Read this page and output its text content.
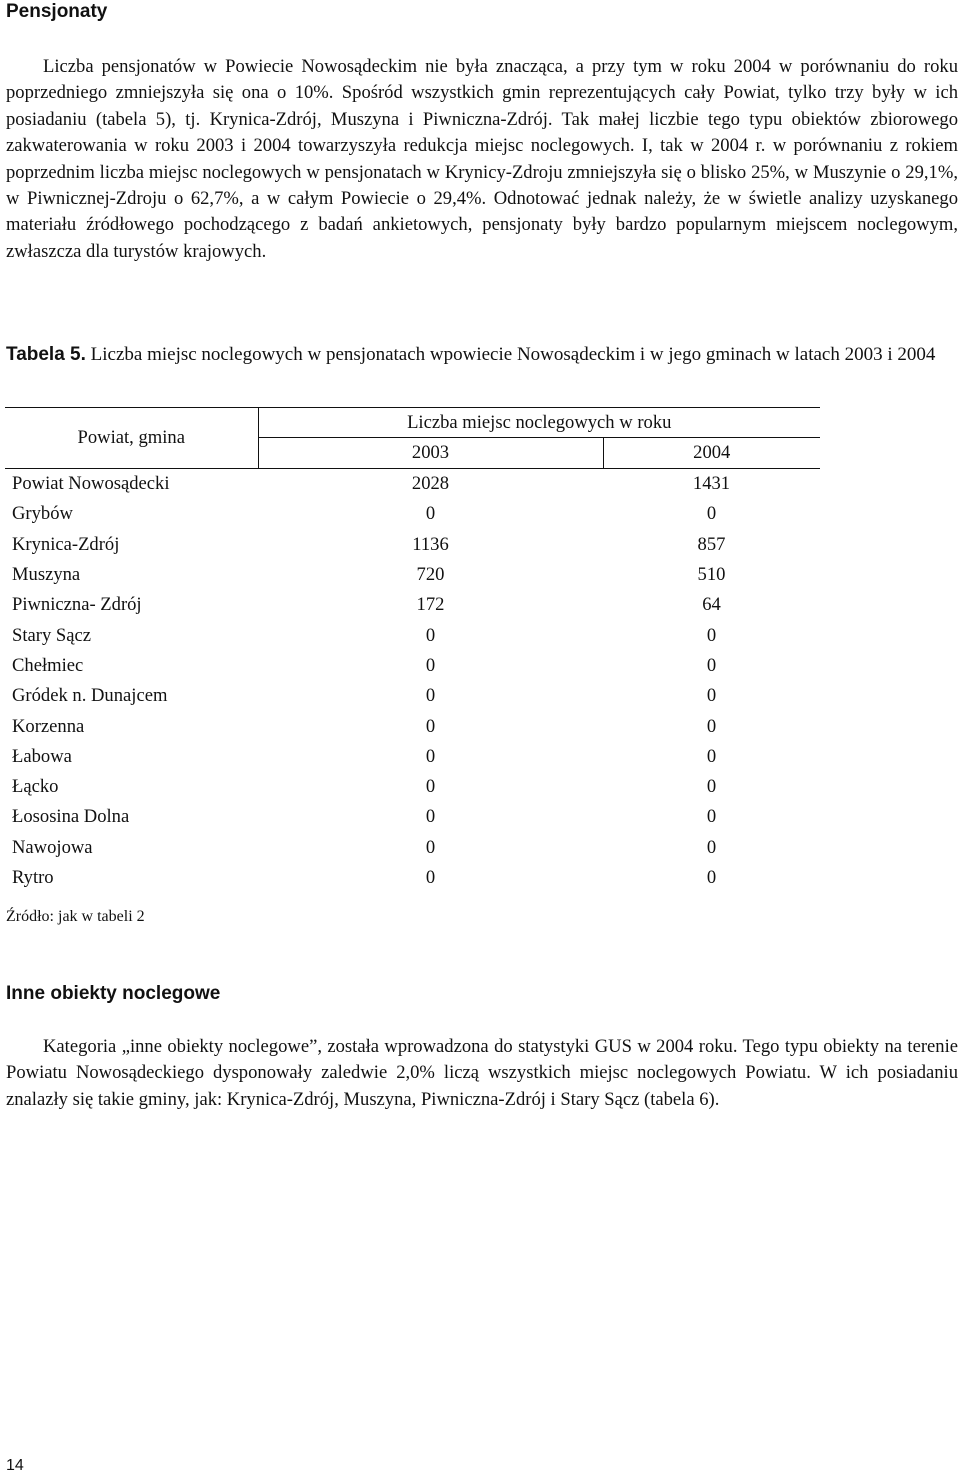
Pensjonaty

Liczba pensjonatów w Powiecie Nowosądeckim nie była znacząca, a przy tym w roku 2004 w porównaniu do roku poprzedniego zmniejszyła się ona o 10%. Spośród wszystkich gmin reprezentujących cały Powiat, tylko trzy były w ich posiadaniu (tabela 5), tj. Krynica-Zdrój, Muszyna i Piwniczna-Zdrój. Tak małej liczbie tego typu obiektów zbiorowego zakwaterowania w roku 2003 i 2004 towarzyszyła redukcja miejsc noclegowych. I, tak w 2004 r. w porównaniu z rokiem poprzednim liczba miejsc noclegowych w pensjonatach w Krynicy-Zdroju zmniejszyła się o blisko 25%, w Muszynie o 29,1%, w Piwnicznej-Zdroju o 62,7%, a w całym Powiecie o 29,4%. Odnotować jednak należy, że w świetle analizy uzyskanego materiału źródłowego pochodzącego z badań ankietowych, pensjonaty były bardzo popularnym miejscem noclegowym, zwłaszcza dla turystów krajowych.

Tabela 5. Liczba miejsc noclegowych w pensjonatach wpowiecie Nowosądeckim i w jego gminach w latach 2003 i 2004

Powiat, gmina	Liczba miejsc noclegowych w roku	
	2003	2004
Powiat Nowosądecki	2028	1431
Grybów	0	0
Krynica-Zdrój	1136	857
Muszyna	720	510
Piwniczna- Zdrój	172	64
Stary Sącz	0	0
Chełmiec	0	0
Gródek n. Dunajcem	0	0
Korzenna	0	0
Łabowa	0	0
Łącko	0	0
Łososina Dolna	0	0
Nawojowa	0	0
Rytro	0	0

Źródło: jak w tabeli 2

Inne obiekty noclegowe

Kategoria „inne obiekty noclegowe”, została wprowadzona do statystyki GUS w 2004 roku. Tego typu obiekty na terenie Powiatu Nowosądeckiego dysponowały zaledwie 2,0% liczą wszystkich miejsc noclegowych Powiatu. W ich posiadaniu znalazły się takie gminy, jak: Krynica-Zdrój, Muszyna, Piwniczna-Zdrój i Stary Sącz (tabela 6).

14
